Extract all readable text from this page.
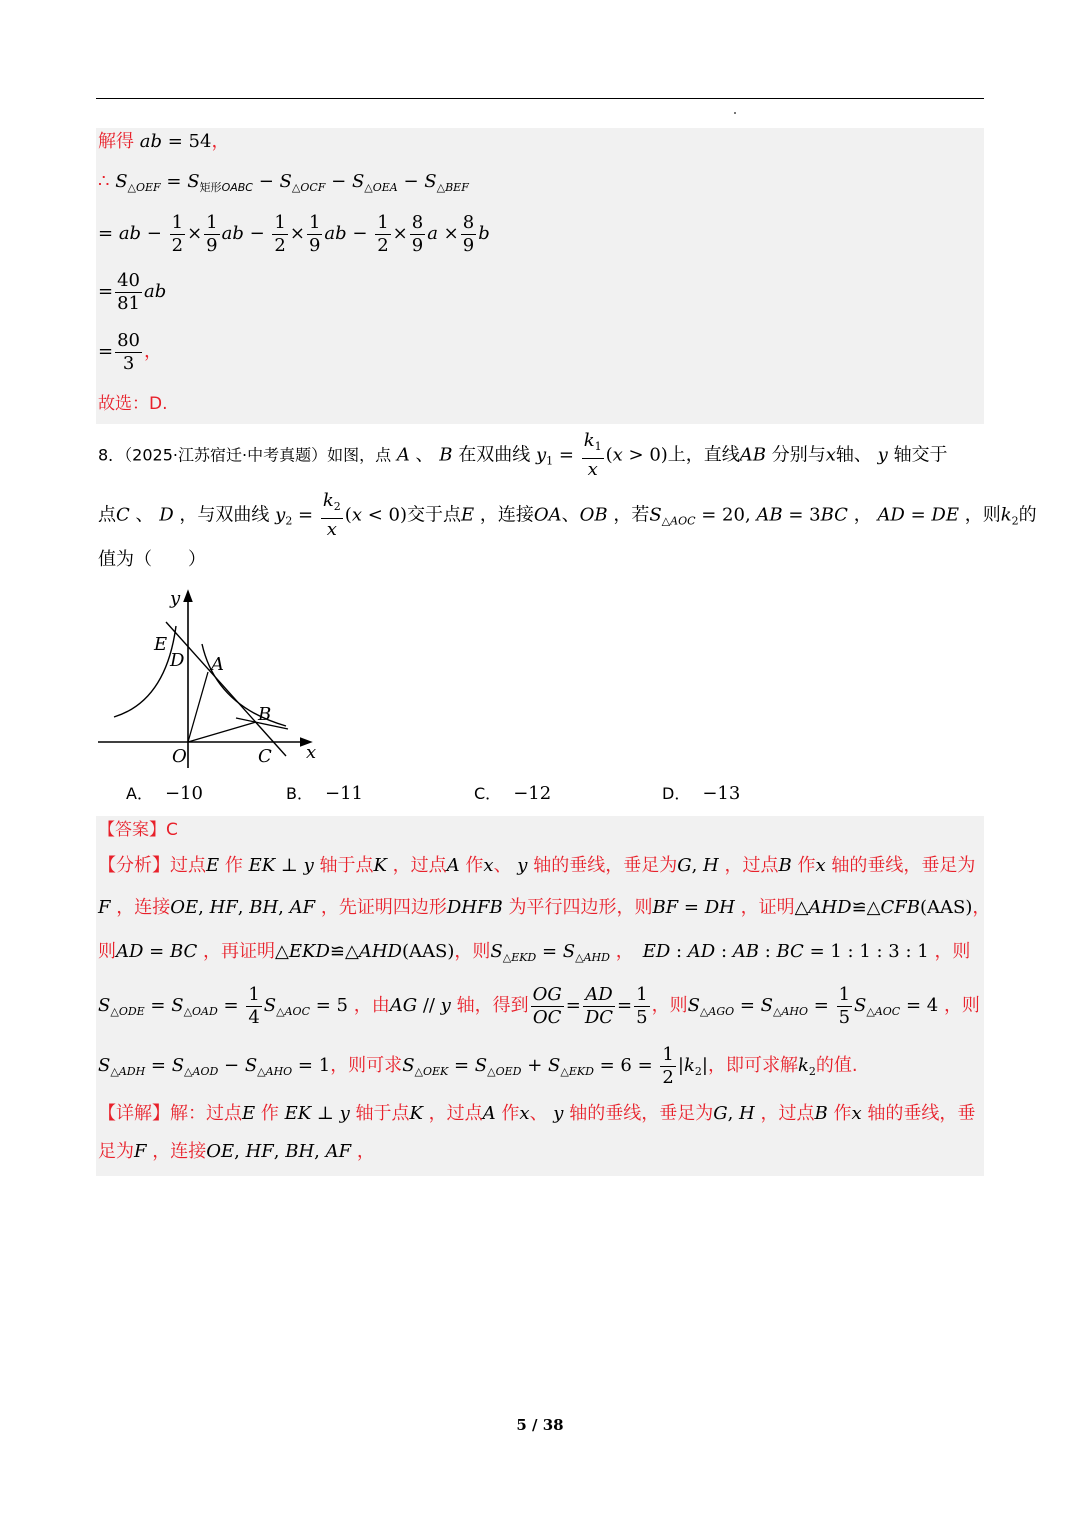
解得 ab = 54，
∴ $S_{\triangle OEF} = S_{矩形OABC} - S_{\triangle OCF} - S_{\triangle OEA} - S_{\triangle BEF}$
= ab − $\frac{1}{2} \times \frac{1}{9}$ ab − $\frac{1}{2} \times \frac{1}{9}$ ab − $\frac{1}{2} \times \frac{8}{9}$ $a \times \frac{8}{9}$ b
= $\frac{40}{81}$ ab
= $\frac{80}{3}$ ，
故选：D.
8．（2025·江苏宿迁·中考真题）如图，点 A 、 B 在双曲线 $y_1 = \frac{k_1}{x} (x > 0)$上，直线AB 分别与x轴、 y 轴交于
点C 、 D ，与双曲线 $y_2 = \frac{k_2}{x} (x < 0)$交于点E ，连接OA、OB ，若$S_{\triangle AOC} = 20$, AB = 3BC ， AD = DE ，则$k_2$的
值为（　　）
y
x
E
D A
B
O	C
A． −10	B． −11	C． −12	D． −13
【答案】C
【分析】过点E 作 EK ⊥ y 轴于点K ，过点A 作x、 y 轴的垂线，垂足为G, H ，过点B 作x 轴的垂线，垂足为
F ，连接OE, HF, BH, AF ，先证明四边形DHFB 为平行四边形，则BF = DH ，证明△AHD≌△CFB(AAS)，
则AD = BC ，再证明△EKD≌△AHD(AAS)，则$S_{\triangle EKD} = S_{\triangle AHD}$ ，　 ED : AD : AB : BC = 1 : 1 : 3 : 1 ，则
$S_{\triangle ODE} = S_{\triangle OAD} = \frac{1}{4} S_{\triangle AOC} = 5$ ，由AG // y 轴，得到 $\frac{OG}{OC} = \frac{AD}{DC} = \frac{1}{5}$ ，则$S_{\triangle AGO} = S_{\triangle AHO} = \frac{1}{5} S_{\triangle AOC} = 4$ ，则
$S_{\triangle ADH} = S_{\triangle AOD} - S_{\triangle AHO} = 1$，则可求$S_{\triangle OEK} = S_{\triangle OED} + S_{\triangle EKD} = 6 = \frac{1}{2} |k_2|$，即可求解$k_2$的值.
【详解】解：过点E 作 EK ⊥ y 轴于点K ，过点A 作x、 y 轴的垂线，垂足为G, H ，过点B 作x 轴的垂线，垂
足为F ，连接OE, HF, BH, AF ，
5 / 38
